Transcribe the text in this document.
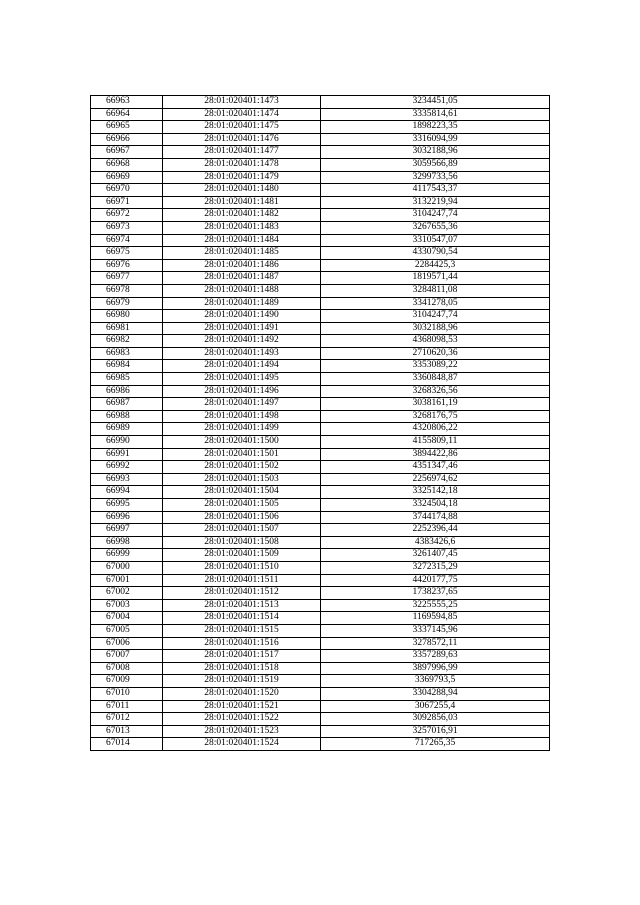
66963	28:01:020401:1473	3234451,05
66964	28:01:020401:1474	3335814,61
66965	28:01:020401:1475	1898223,35
66966	28:01:020401:1476	3316094,99
66967	28:01:020401:1477	3032188,96
66968	28:01:020401:1478	3059566,89
66969	28:01:020401:1479	3299733,56
66970	28:01:020401:1480	4117543,37
66971	28:01:020401:1481	3132219,94
66972	28:01:020401:1482	3104247,74
66973	28:01:020401:1483	3267655,36
66974	28:01:020401:1484	3310547,07
66975	28:01:020401:1485	4330790,54
66976	28:01:020401:1486	2284425,3
66977	28:01:020401:1487	1819571,44
66978	28:01:020401:1488	3284811,08
66979	28:01:020401:1489	3341278,05
66980	28:01:020401:1490	3104247,74
66981	28:01:020401:1491	3032188,96
66982	28:01:020401:1492	4368098,53
66983	28:01:020401:1493	2710620,36
66984	28:01:020401:1494	3353089,22
66985	28:01:020401:1495	3360848,87
66986	28:01:020401:1496	3268326,56
66987	28:01:020401:1497	3038161,19
66988	28:01:020401:1498	3268176,75
66989	28:01:020401:1499	4320806,22
66990	28:01:020401:1500	4155809,11
66991	28:01:020401:1501	3894422,86
66992	28:01:020401:1502	4351347,46
66993	28:01:020401:1503	2256974,62
66994	28:01:020401:1504	3325142,18
66995	28:01:020401:1505	3324504,18
66996	28:01:020401:1506	3744174,88
66997	28:01:020401:1507	2252396,44
66998	28:01:020401:1508	4383426,6
66999	28:01:020401:1509	3261407,45
67000	28:01:020401:1510	3272315,29
67001	28:01:020401:1511	4420177,75
67002	28:01:020401:1512	1738237,65
67003	28:01:020401:1513	3225555,25
67004	28:01:020401:1514	1169594,85
67005	28:01:020401:1515	3337145,96
67006	28:01:020401:1516	3278572,11
67007	28:01:020401:1517	3357289,63
67008	28:01:020401:1518	3897996,99
67009	28:01:020401:1519	3369793,5
67010	28:01:020401:1520	3304288,94
67011	28:01:020401:1521	3067255,4
67012	28:01:020401:1522	3092856,03
67013	28:01:020401:1523	3257016,91
67014	28:01:020401:1524	717265,35
